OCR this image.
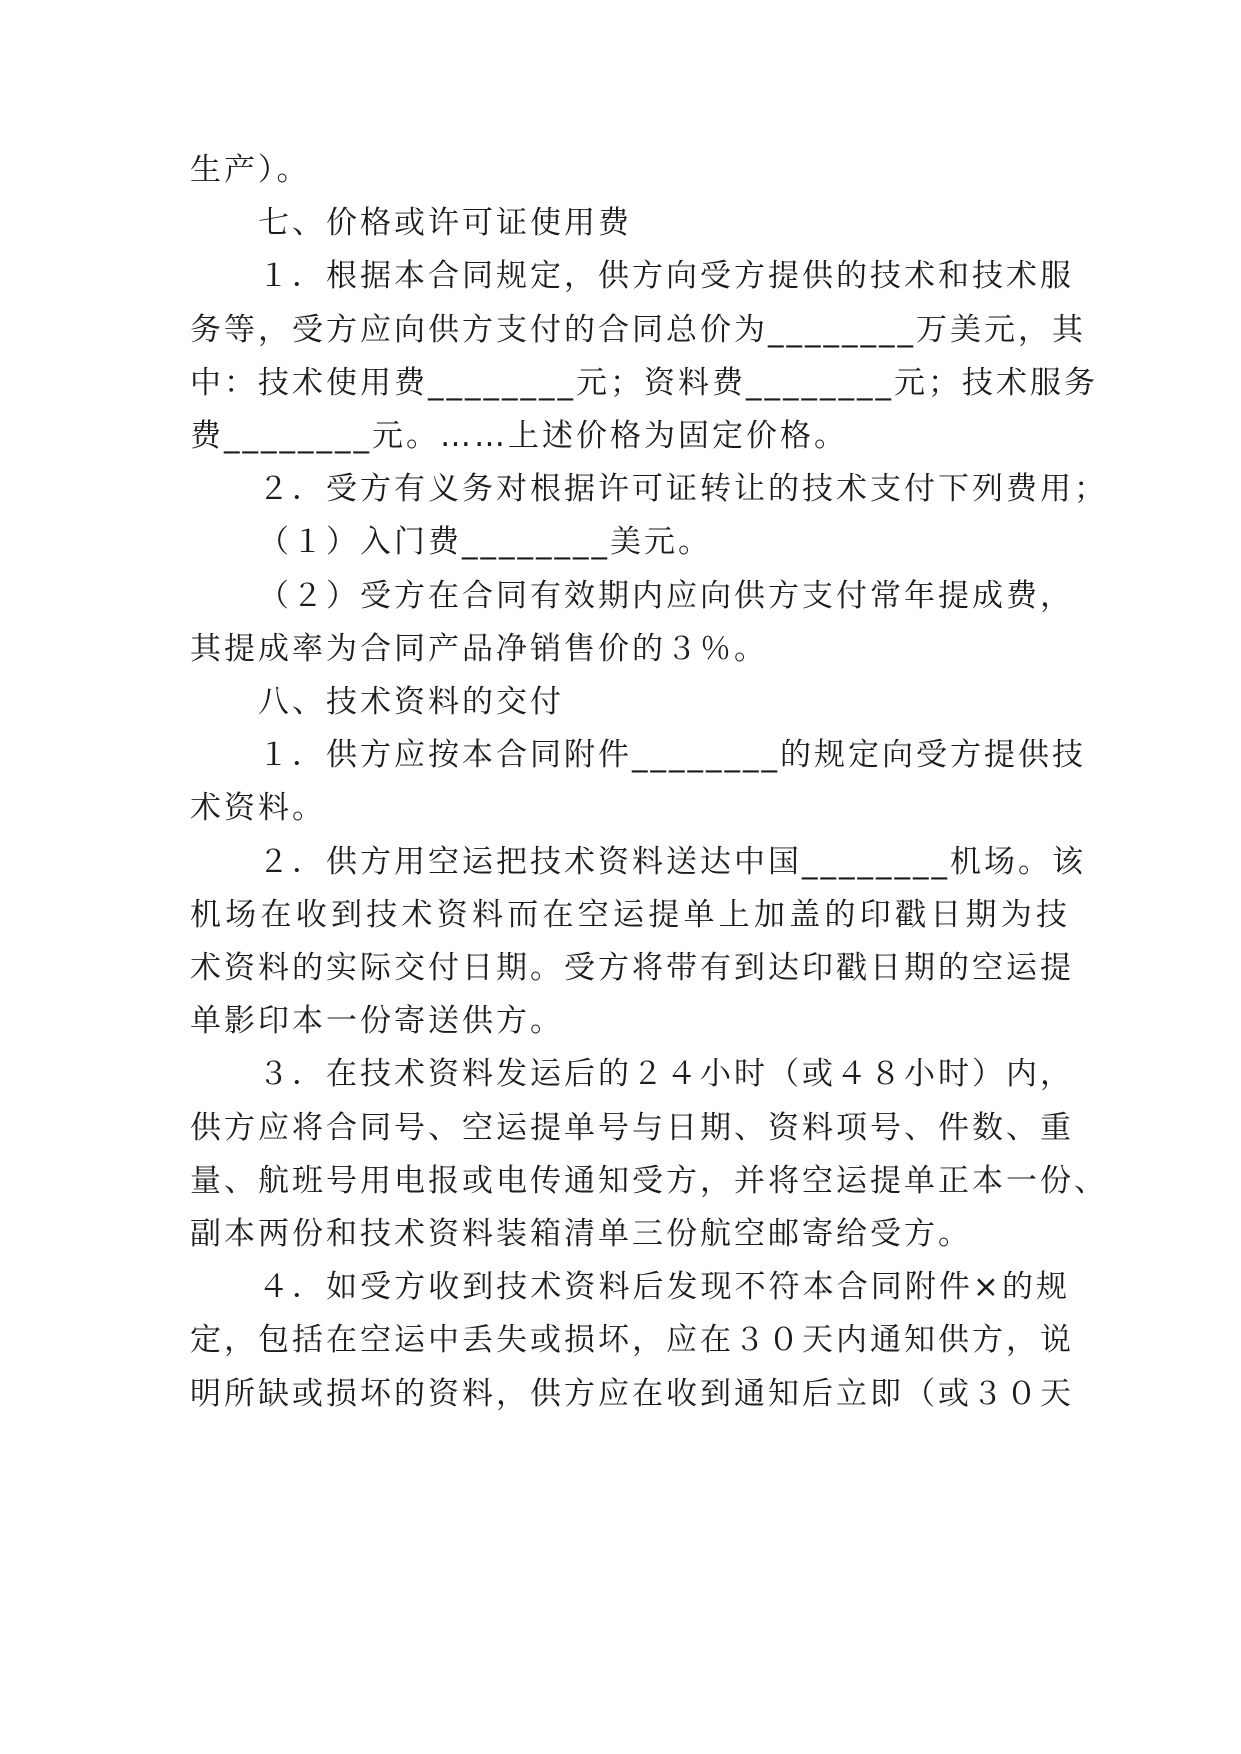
生产）。
七、价格或许可证使用费
１．根据本合同规定，供方向受方提供的技术和技术服
务等，受方应向供方支付的合同总价为________万美元，其
中：技术使用费________元；资料费________元；技术服务
费________元。……上述价格为固定价格。
２．受方有义务对根据许可证转让的技术支付下列费用；
（１）入门费________美元。
（２）受方在合同有效期内应向供方支付常年提成费，
其提成率为合同产品净销售价的３％。
八、技术资料的交付
１．供方应按本合同附件________的规定向受方提供技
术资料。
２．供方用空运把技术资料送达中国________机场。该
机场在收到技术资料而在空运提单上加盖的印戳日期为技
术资料的实际交付日期。受方将带有到达印戳日期的空运提
单影印本一份寄送供方。
３．在技术资料发运后的２４小时（或４８小时）内，
供方应将合同号、空运提单号与日期、资料项号、件数、重
量、航班号用电报或电传通知受方，并将空运提单正本一份、
副本两份和技术资料装箱清单三份航空邮寄给受方。
４．如受方收到技术资料后发现不符本合同附件×的规
定，包括在空运中丢失或损坏，应在３０天内通知供方，说
明所缺或损坏的资料，供方应在收到通知后立即（或３０天
